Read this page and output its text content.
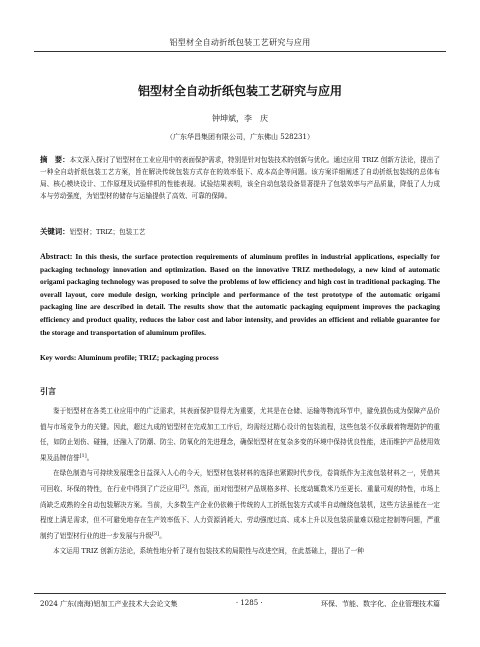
铝型材全自动折纸包装工艺研究与应用
铝型材全自动折纸包装工艺研究与应用
钟坤斌，李　庆
（广东华昌集团有限公司，广东佛山 528231）
摘　要：本文深入探讨了铝型材在工业应用中的表面保护需求，特别是针对包装技术的创新与优化。通过应用 TRIZ 创新方法论，提出了一种全自动折纸包装工艺方案，旨在解决传统包装方式存在的效率低下、成本高企等问题。该方案详细阐述了自动折纸包装线的总体布局、核心模块设计、工作原理及试验样机的性能表现。试验结果表明，该全自动包装设备显著提升了包装效率与产品质量，降低了人力成本与劳动强度，为铝型材的储存与运输提供了高效、可靠的保障。
关键词：铝型材；TRIZ；包装工艺
Abstract: In this thesis, the surface protection requirements of aluminum profiles in industrial applications, especially for packaging technology innovation and optimization. Based on the innovative TRIZ methodology, a new kind of automatic origami packaging technology was proposed to solve the problems of low efficiency and high cost in traditional packaging. The overall layout, core module design, working principle and performance of the test prototype of the automatic origami packaging line are described in detail. The results show that the automatic packaging equipment improves the packaging efficiency and product quality, reduces the labor cost and labor intensity, and provides an efficient and reliable guarantee for the storage and transportation of aluminum profiles.
Key words: Aluminum profile; TRIZ; packaging process
引言

鉴于铝型材在各类工业应用中的广泛需求，其表面保护显得尤为重要，尤其是在仓储、运输等物流环节中，避免损伤成为保障产品价值与市场竞争力的关键。因此，超过九成的铝型材在完成加工工序后，均需经过精心设计的包装流程，这些包装不仅承载着物理防护的重任，如防止划伤、碰撞，还融入了防潮、防尘、防氧化的先进理念，确保铝型材在复杂多变的环境中保持优良性能，进而维护产品使用效果及品牌信誉[1]。

在绿色制造与可持续发展理念日益深入人心的今天，铝型材包装材料的选择也紧跟时代步伐，卷筒纸作为主流包装材料之一，凭借其可回收、环保的特性，在行业中得到了广泛应用[2]。然而，面对铝型材产品规格多样、长度动辄数米乃至更长、重量可观的特性，市场上尚缺乏成熟的全自动包装解决方案。当前，大多数生产企业仍依赖于传统的人工折纸包装方式或半自动缠绕包装机，这些方法虽能在一定程度上满足需求，但不可避免地存在生产效率低下、人力资源消耗大、劳动强度过高、成本上升以及包装质量难以稳定控制等问题，严重制约了铝型材行业的进一步发展与升级[3]。

本文运用 TRIZ 创新方法论，系统性地分析了现有包装技术的局限性与改进空间，在此基础上，提出了一种

2024 广东(南海)铝加工产业技术大会论文集	· 1285 ·	环保、节能、数字化、企业管理技术篇
